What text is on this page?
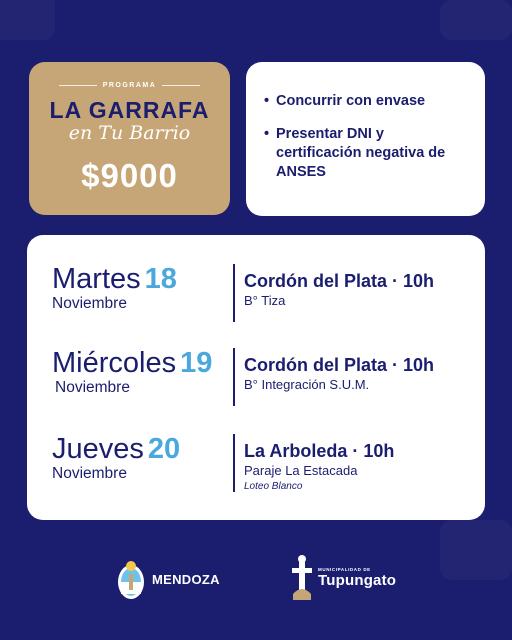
PROGRAMA
LA GARRAFA
en Tu Barrio
$9000
• Concurrir con envase
• Presentar DNI y certificación negativa de ANSES
Martes 18
Noviembre
Cordón del Plata · 10h
B° Tiza
Miércoles 19
Noviembre
Cordón del Plata · 10h
B° Integración S.U.M.
Jueves 20
Noviembre
La Arboleda · 10h
Paraje La Estacada
Loteo Blanco
MENDOZA
MUNICIPALIDAD DE
Tupungato
